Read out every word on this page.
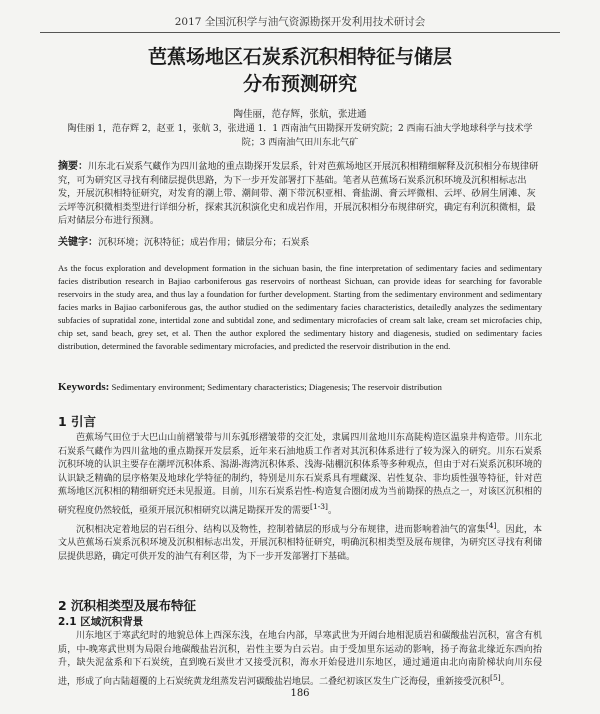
2017 全国沉积学与油气资源勘探开发利用技术研讨会
芭蕉场地区石炭系沉积相特征与储层
分布预测研究
陶佳丽，范存辉，张航，张进通
陶佳丽 1，范存辉 2，赵亚 1，张航 3，张进通 1．1 西南油气田勘探开发研究院；2 西南石油大学地球科学与技术学院；3 西南油气田川东北气矿
摘要：川东北石炭系气藏作为四川盆地的重点勘探开发层系，针对芭蕉场地区开展沉积相精细解释及沉积相分布规律研究，可为研究区寻找有利储层提供思路，为下一步开发部署打下基础。笔者从芭蕉场石炭系沉积环境及沉积相标志出发，开展沉积相特征研究，对发育的潮上带、潮间带、潮下带沉积亚相、膏盐湖、膏云坪微相、云坪、砂屑生屑滩、灰云坪等沉积微相类型进行详细分析，探索其沉积演化史和成岩作用，开展沉积相分布规律研究，确定有利沉积微相，最后对储层分布进行预测。
关键字：沉积环境；沉积特征；成岩作用；储层分布；石炭系
As the focus exploration and development formation in the sichuan basin, the fine interpretation of sedimentary facies and sedimentary facies distribution research in Bajiao carboniferous gas reservoirs of northeast Sichuan, can provide ideas for searching for favorable reservoirs in the study area, and thus lay a foundation for further development. Starting from the sedimentary environment and sedimentary facies marks in Bajiao carboniferous gas, the author studied on the sedimentary facies characteristics, detailedly analyzes the sedimentary subfacies of supratidal zone, intertidal zone and subtidal zone, and sedimentary microfacies of cream salt lake, cream set microfacies chip, chip set, sand beach, grey set, et al. Then the author explored the sedimentary history and diagenesis, studied on sedimentary facies distribution, determined the favorable sedimentary microfacies, and predicted the reservoir distribution in the end.
Keywords: Sedimentary environment; Sedimentary characteristics; Diagenesis; The reservoir distribution
1 引言

芭蕉场气田位于大巴山山前褶皱带与川东弧形褶皱带的交汇处，隶属四川盆地川东高陡构造区温泉井构造带。川东北石炭系气藏作为四川盆地的重点勘探开发层系，近年来石油地质工作者对其沉积体系进行了较为深入的研究。川东石炭系沉积环境的认识主要存在潮坪沉积体系、潟湖-海湾沉积体系、浅海-陆棚沉积体系等多种观点，但由于对石炭系沉积环境的认识缺乏精确的层序格架及地球化学特征的制约，特别是川东石炭系具有埋藏深、岩性复杂、非均质性强等特征，针对芭蕉场地区沉积相的精细研究还未见报道。目前，川东石炭系岩性-构造复合圈闭成为当前勘探的热点之一，对该区沉积相的研究程度仍然较低，亟须开展沉积相研究以满足勘探开发的需要[1-3]。

沉积相决定着地层的岩石组分、结构以及物性，控制着储层的形成与分布规律，进而影响着油气的富集[4]。因此，本文从芭蕉场石炭系沉积环境及沉积相标志出发，开展沉积相特征研究，明确沉积相类型及展布规律，为研究区寻找有利储层提供思路，确定可供开发的油气有利区带，为下一步开发部署打下基础。

2 沉积相类型及展布特征
2.1 区域沉积背景

川东地区于寒武纪时的地貌总体上西深东浅，在地台内部，早寒武世为开阔台地相泥质岩和碳酸盐岩沉积，富含有机质，中-晚寒武世则为局限台地碳酸盐岩沉积，岩性主要为白云岩。由于受加里东运动的影响，扬子海盆北缘近东西向抬升，缺失泥盆系和下石炭统，直到晚石炭世才又接受沉积，海水开始侵进川东地区，通过通道由北向南阶梯状向川东侵进，形成了向古陆超覆的上石炭统黄龙组蒸发岩河碳酸盐岩地层。二叠纪初该区发生广泛海侵，重新接受沉积[5]。

186
